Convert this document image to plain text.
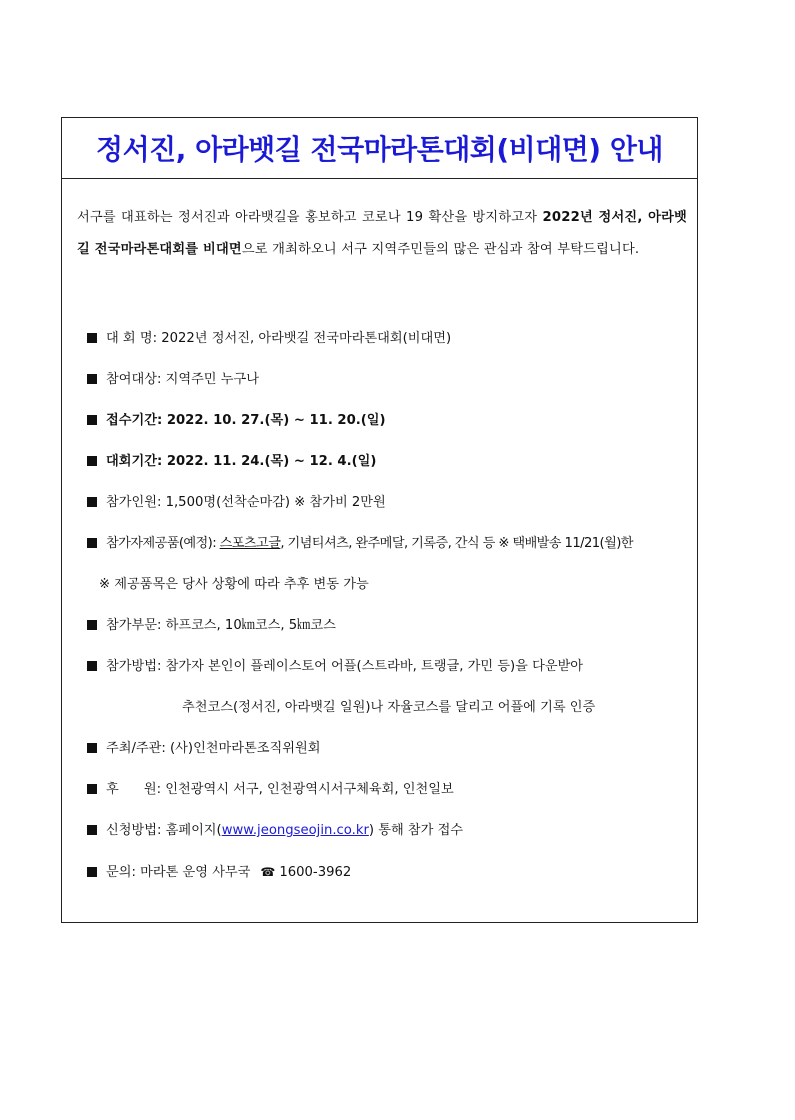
정서진, 아라뱃길 전국마라톤대회(비대면) 안내
서구를 대표하는 정서진과 아라뱃길을 홍보하고 코로나 19 확산을 방지하고자 2022년 정서진, 아라뱃길 전국마라톤대회를 비대면으로 개최하오니 서구 지역주민들의 많은 관심과 참여 부탁드립니다.
대 회 명: 2022년 정서진, 아라뱃길 전국마라톤대회(비대면)
참여대상: 지역주민 누구나
접수기간: 2022. 10. 27.(목) ~ 11. 20.(일)
대회기간: 2022. 11. 24.(목) ~ 12. 4.(일)
참가인원: 1,500명(선착순마감) ※ 참가비 2만원
참가자제공품(예정): 스포츠고글, 기념티셔츠, 완주메달, 기록증, 간식 등 ※ 택배발송 11/21(월)한
※ 제공품목은 당사 상황에 따라 추후 변동 가능
참가부문: 하프코스, 10㎞코스, 5㎞코스
참가방법: 참가자 본인이 플레이스토어 어플(스트라바, 트랭글, 가민 등)을 다운받아
추천코스(정서진, 아라뱃길 일원)나 자율코스를 달리고 어플에 기록 인증
주최/주관: (사)인천마라톤조직위원회
후      원: 인천광역시 서구, 인천광역시서구체육회, 인천일보
신청방법: 홈페이지(www.jeongseojin.co.kr) 통해 참가 접수
문의: 마라톤 운영 사무국 ☎ 1600-3962
